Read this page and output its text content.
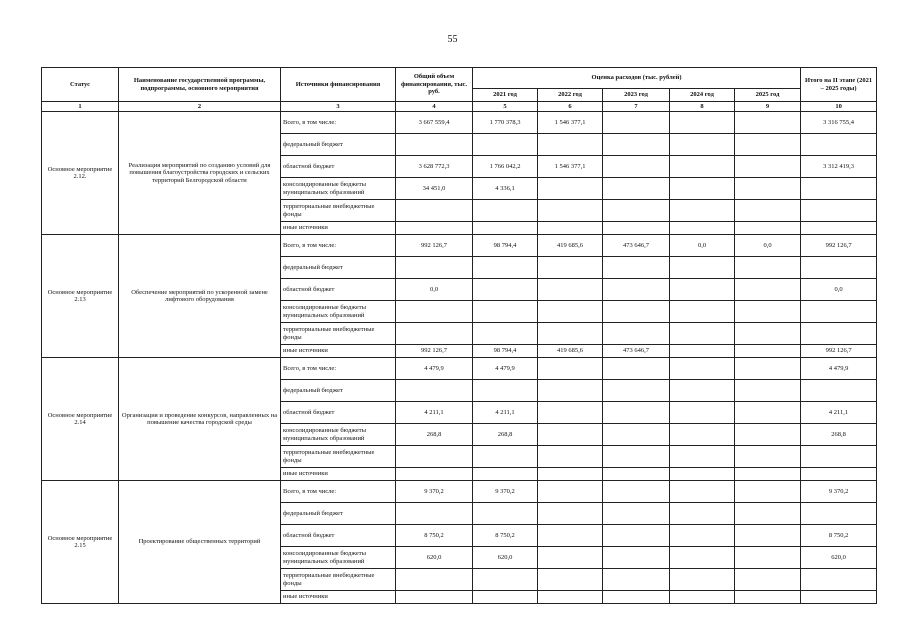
55
Статус	Наименование государственной программы, подпрограммы, основного мероприятия	Источники финансирования	Общий объем финансирования, тыс. руб.	Оценка расходов (тыс. рублей)					Итого на II этапе (2021 – 2025 годы)
				2021 год	2022 год	2023 год	2024 год	2025 год	
1	2	3	4	5	6	7	8	9	10
Основное мероприятие 2.12.	Реализация мероприятий по созданию условий для повышения благоустройства городских и сельских территорий Белгородской области	Всего, в том числе:	3 667 559,4	1 770 378,3	1 546 377,1				3 316 755,4
		федеральный бюджет							
		областной бюджет	3 628 772,3	1 766 042,2	1 546 377,1				3 312 419,3
		консолидированные бюджеты муниципальных образований	34 451,0	4 336,1					
		территориальные внебюджетные фонды							
		иные источники							
Основное мероприятие 2.13	Обеспечение мероприятий по ускоренной замене лифтового оборудования	Всего, в том числе:	992 126,7	98 794,4	419 685,6	473 646,7	0,0	0,0	992 126,7
		федеральный бюджет							
		областной бюджет	0,0						0,0
		консолидированные бюджеты муниципальных образований							
		территориальные внебюджетные фонды							
		иные источники	992 126,7	98 794,4	419 685,6	473 646,7			992 126,7
Основное мероприятие 2.14	Организация и проведение конкурсов, направленных на повышение качества городской среды	Всего, в том числе:	4 479,9	4 479,9					4 479,9
		федеральный бюджет							
		областной бюджет	4 211,1	4 211,1					4 211,1
		консолидированные бюджеты муниципальных образований	268,8	268,8					268,8
		территориальные внебюджетные фонды							
		иные источники							
Основное мероприятие 2.15	Проектирование общественных территорий	Всего, в том числе:	9 370,2	9 370,2					9 370,2
		федеральный бюджет							
		областной бюджет	8 750,2	8 750,2					8 750,2
		консолидированные бюджеты муниципальных образований	620,0	620,0					620,0
		территориальные внебюджетные фонды							
		иные источники							
